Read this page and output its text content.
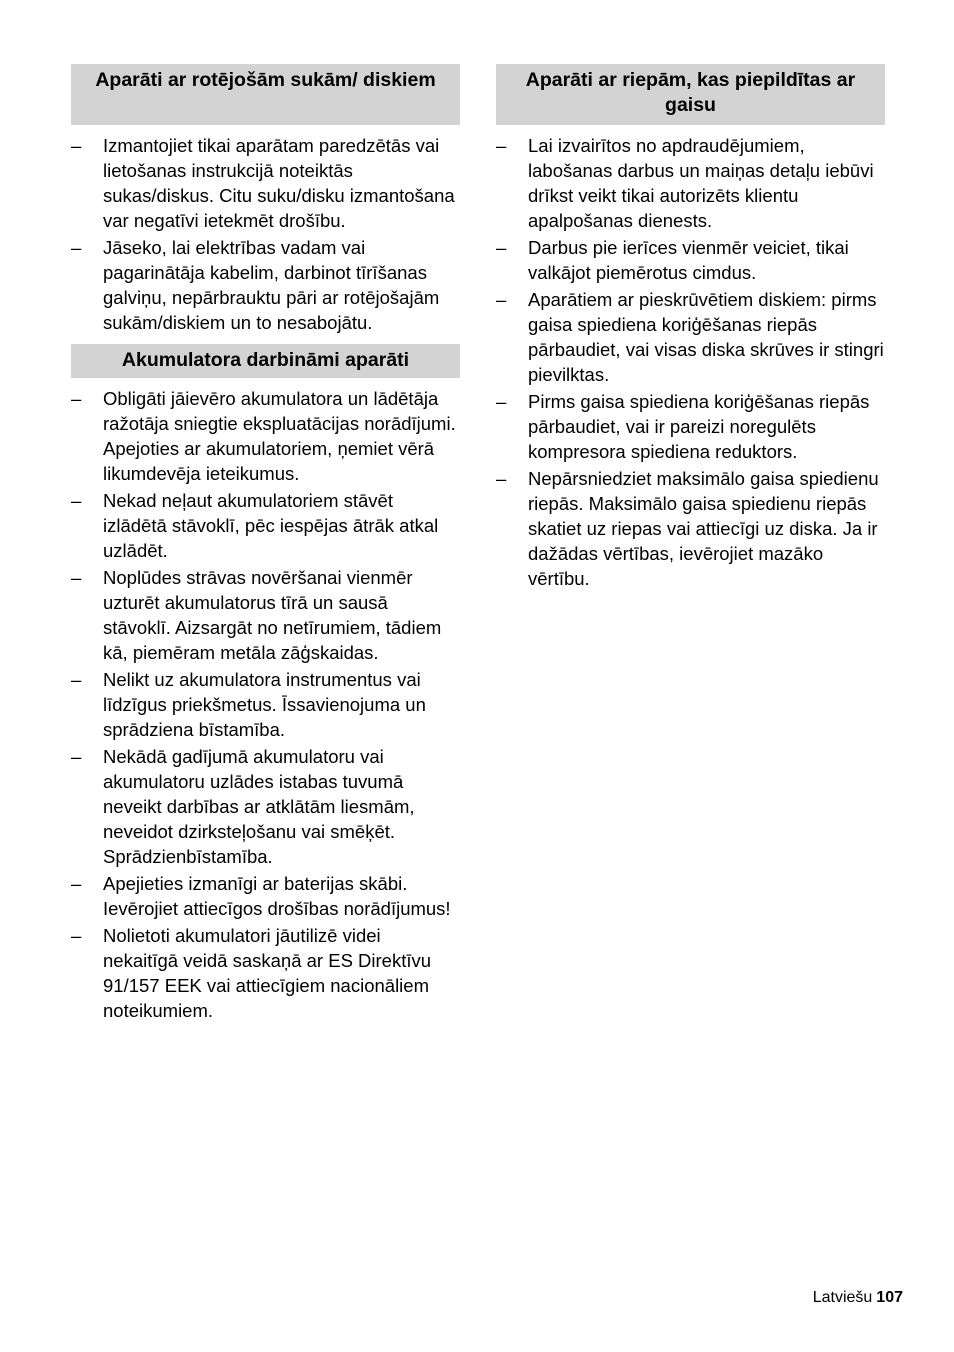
Aparāti ar rotējošām sukām/ diskiem
– Izmantojiet tikai aparātam paredzētās vai lietošanas instrukcijā noteiktās sukas/diskus. Citu suku/disku izmantošana var negatīvi ietekmēt drošību.
– Jāseko, lai elektrības vadam vai pagarinātāja kabelim, darbinot tīrīšanas galviņu, nepārbrauktu pāri ar rotējošajām sukām/diskiem un to nesabojātu.
Akumulatora darbināmi aparāti
– Obligāti jāievēro akumulatora un lādētāja ražotāja sniegtie ekspluatācijas norādījumi. Apejoties ar akumulatoriem, ņemiet vērā likumdevēja ieteikumus.
– Nekad neļaut akumulatoriem stāvēt izlādētā stāvoklī, pēc iespējas ātrāk atkal uzlādēt.
– Noplūdes strāvas novēršanai vienmēr uzturēt akumulatorus tīrā un sausā stāvoklī. Aizsargāt no netīrumiem, tādiem kā, piemēram metāla zāģskaidas.
– Nelikt uz akumulatora instrumentus vai līdzīgus priekšmetus. Īssavienojuma un sprādziena bīstamība.
– Nekādā gadījumā akumulatoru vai akumulatoru uzlādes istabas tuvumā neveikt darbības ar atklātām liesmām, neveidot dzirksteļošanu vai smēķēt. Sprādzienbīstamība.
– Apejieties izmanīgi ar baterijas skābi. Ievērojiet attiecīgos drošības norādījumus!
– Nolietoti akumulatori jāutilizē videi nekaitīgā veidā saskaņā ar ES Direktīvu 91/157 EEK vai attiecīgiem nacionāliem noteikumiem.
Aparāti ar riepām, kas piepildītas ar gaisu
– Lai izvairītos no apdraudējumiem, labošanas darbus un maiņas detaļu iebūvi drīkst veikt tikai autorizēts klientu apalpošanas dienests.
– Darbus pie ierīces vienmēr veiciet, tikai valkājot piemērotus cimdus.
– Aparātiem ar pieskrūvētiem diskiem: pirms gaisa spiediena koriģēšanas riepās pārbaudiet, vai visas diska skrūves ir stingri pievilktas.
– Pirms gaisa spiediena koriģēšanas riepās pārbaudiet, vai ir pareizi noregulēts kompresora spiediena reduktors.
– Nepārsniedziet maksimālo gaisa spiedienu riepās. Maksimālo gaisa spiedienu riepās skatiet uz riepas vai attiecīgi uz diska. Ja ir dažādas vērtības, ievērojiet mazāko vērtību.
Latviešu 107
